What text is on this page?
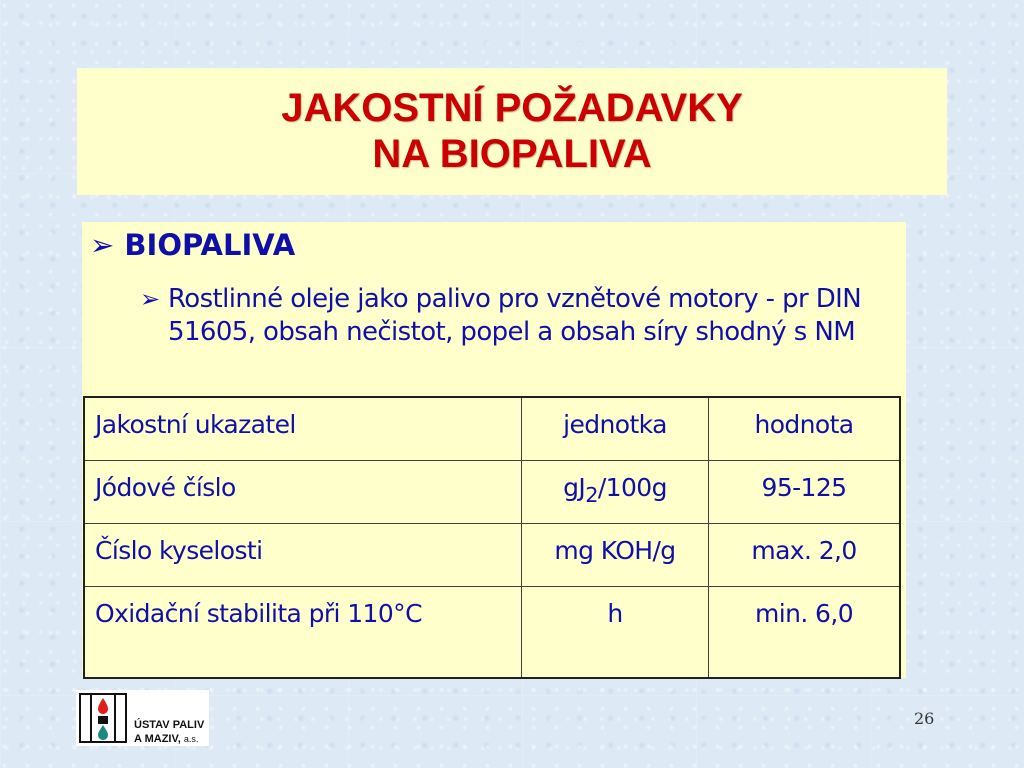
JAKOSTNÍ POŽADAVKY
NA BIOPALIVA
➢ BIOPALIVA
➢ Rostlinné oleje jako palivo pro vznětové motory - pr DIN 51605, obsah nečistot, popel a obsah síry shodný s NM
Jakostní ukazatel	jednotka	hodnota
Jódové číslo	$gJ_2/100g$	95-125
Číslo kyselosti	mg KOH/g	max. 2,0
Oxidační stabilita při 110°C	h	min. 6,0
ÚSTAV PALIV
A MAZIV, a.s.
26
